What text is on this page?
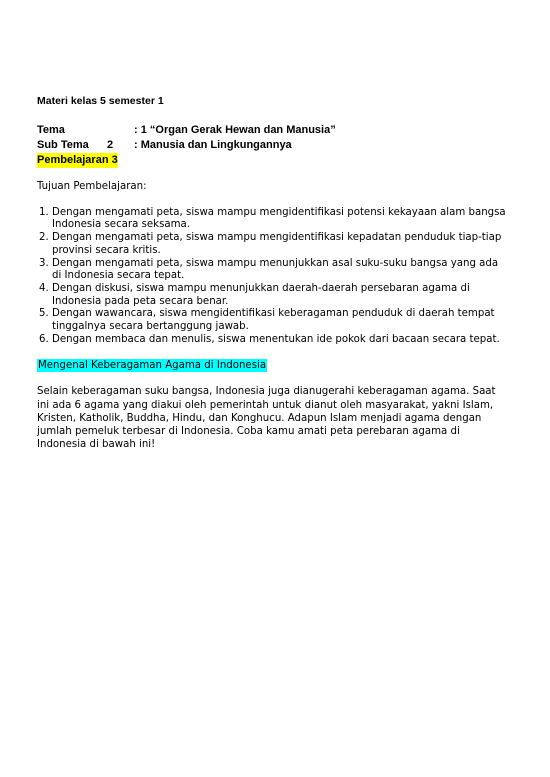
Materi kelas 5 semester 1
Tema	: 1 “Organ Gerak Hewan dan Manusia”
Sub Tema 2	: Manusia dan Lingkungannya
Pembelajaran 3
Tujuan Pembelajaran:
1. Dengan mengamati peta, siswa mampu mengidentifikasi potensi kekayaan alam bangsa Indonesia secara seksama.
2. Dengan mengamati peta, siswa mampu mengidentifikasi kepadatan penduduk tiap-tiap provinsi secara kritis.
3. Dengan mengamati peta, siswa mampu menunjukkan asal suku-suku bangsa yang ada di Indonesia secara tepat.
4. Dengan diskusi, siswa mampu menunjukkan daerah-daerah persebaran agama di Indonesia pada peta secara benar.
5. Dengan wawancara, siswa mengidentifikasi keberagaman penduduk di daerah tempat tinggalnya secara bertanggung jawab.
6. Dengan membaca dan menulis, siswa menentukan ide pokok dari bacaan secara tepat.
Mengenal Keberagaman Agama di Indonesia
Selain keberagaman suku bangsa, Indonesia juga dianugerahi keberagaman agama. Saat ini ada 6 agama yang diakui oleh pemerintah untuk dianut oleh masyarakat, yakni Islam, Kristen, Katholik, Buddha, Hindu, dan Konghucu. Adapun Islam menjadi agama dengan jumlah pemeluk terbesar di Indonesia. Coba kamu amati peta perebaran agama di Indonesia di bawah ini!
